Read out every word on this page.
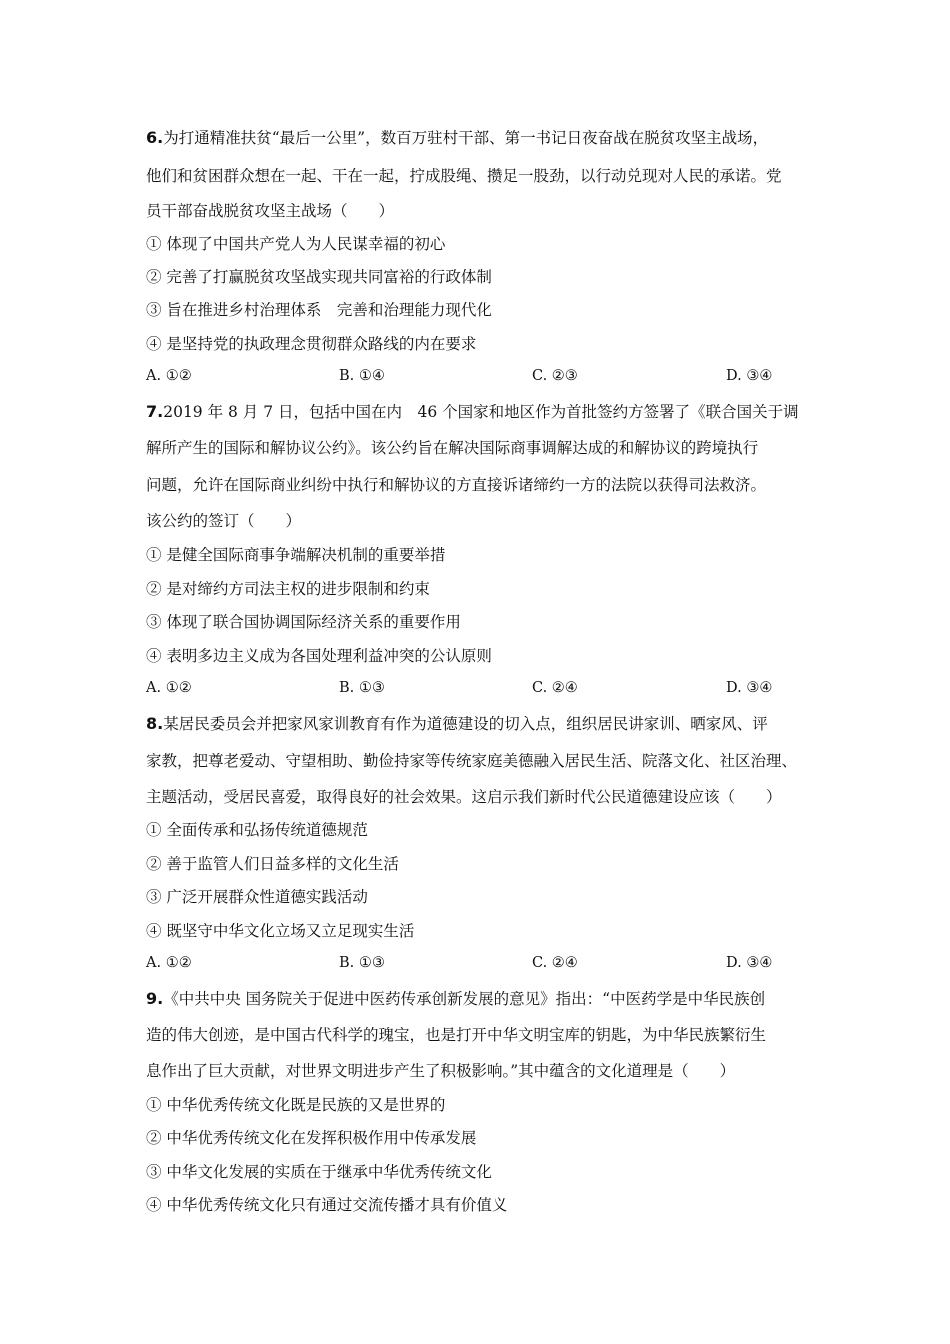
6.为打通精准扶贫“最后一公里”，数百万驻村干部、第一书记日夜奋战在脱贫攻坚主战场，
他们和贫困群众想在一起、干在一起，拧成股绳、攒足一股劲，以行动兑现对人民的承诺。党
员干部奋战脱贫攻坚主战场（　　）
① 体现了中国共产党人为人民谋幸福的初心
② 完善了打赢脱贫攻坚战实现共同富裕的行政体制
③ 旨在推进乡村治理体系　完善和治理能力现代化
④ 是坚持党的执政理念贯彻群众路线的内在要求
A. ①②	B. ①④	C. ②③	D. ③④
7.2019 年 8 月 7 日，包括中国在内　46 个国家和地区作为首批签约方签署了《联合国关于调
解所产生的国际和解协议公约》。该公约旨在解决国际商事调解达成的和解协议的跨境执行
问题，允许在国际商业纠纷中执行和解协议的方直接诉诸缔约一方的法院以获得司法救济。
该公约的签订（　　）
① 是健全国际商事争端解决机制的重要举措
② 是对缔约方司法主权的进步限制和约束
③ 体现了联合国协调国际经济关系的重要作用
④ 表明多边主义成为各国处理利益冲突的公认原则
A. ①②	B. ①③	C. ②④	D. ③④
8.某居民委员会并把家风家训教育有作为道德建设的切入点，组织居民讲家训、晒家风、评
家教，把尊老爱动、守望相助、勤俭持家等传统家庭美德融入居民生活、院落文化、社区治理、
主题活动，受居民喜爱，取得良好的社会效果。这启示我们新时代公民道德建设应该（　　）
① 全面传承和弘扬传统道德规范
② 善于监管人们日益多样的文化生活
③ 广泛开展群众性道德实践活动
④ 既坚守中华文化立场又立足现实生活
A. ①②	B. ①③	C. ②④	D. ③④
9.《中共中央 国务院关于促进中医药传承创新发展的意见》指出：“中医药学是中华民族创
造的伟大创迹，是中国古代科学的瑰宝，也是打开中华文明宝库的钥匙，为中华民族繁衍生
息作出了巨大贡献，对世界文明进步产生了积极影响。”其中蕴含的文化道理是（　　）
① 中华优秀传统文化既是民族的又是世界的
② 中华优秀传统文化在发挥积极作用中传承发展
③ 中华文化发展的实质在于继承中华优秀传统文化
④ 中华优秀传统文化只有通过交流传播才具有价值义
